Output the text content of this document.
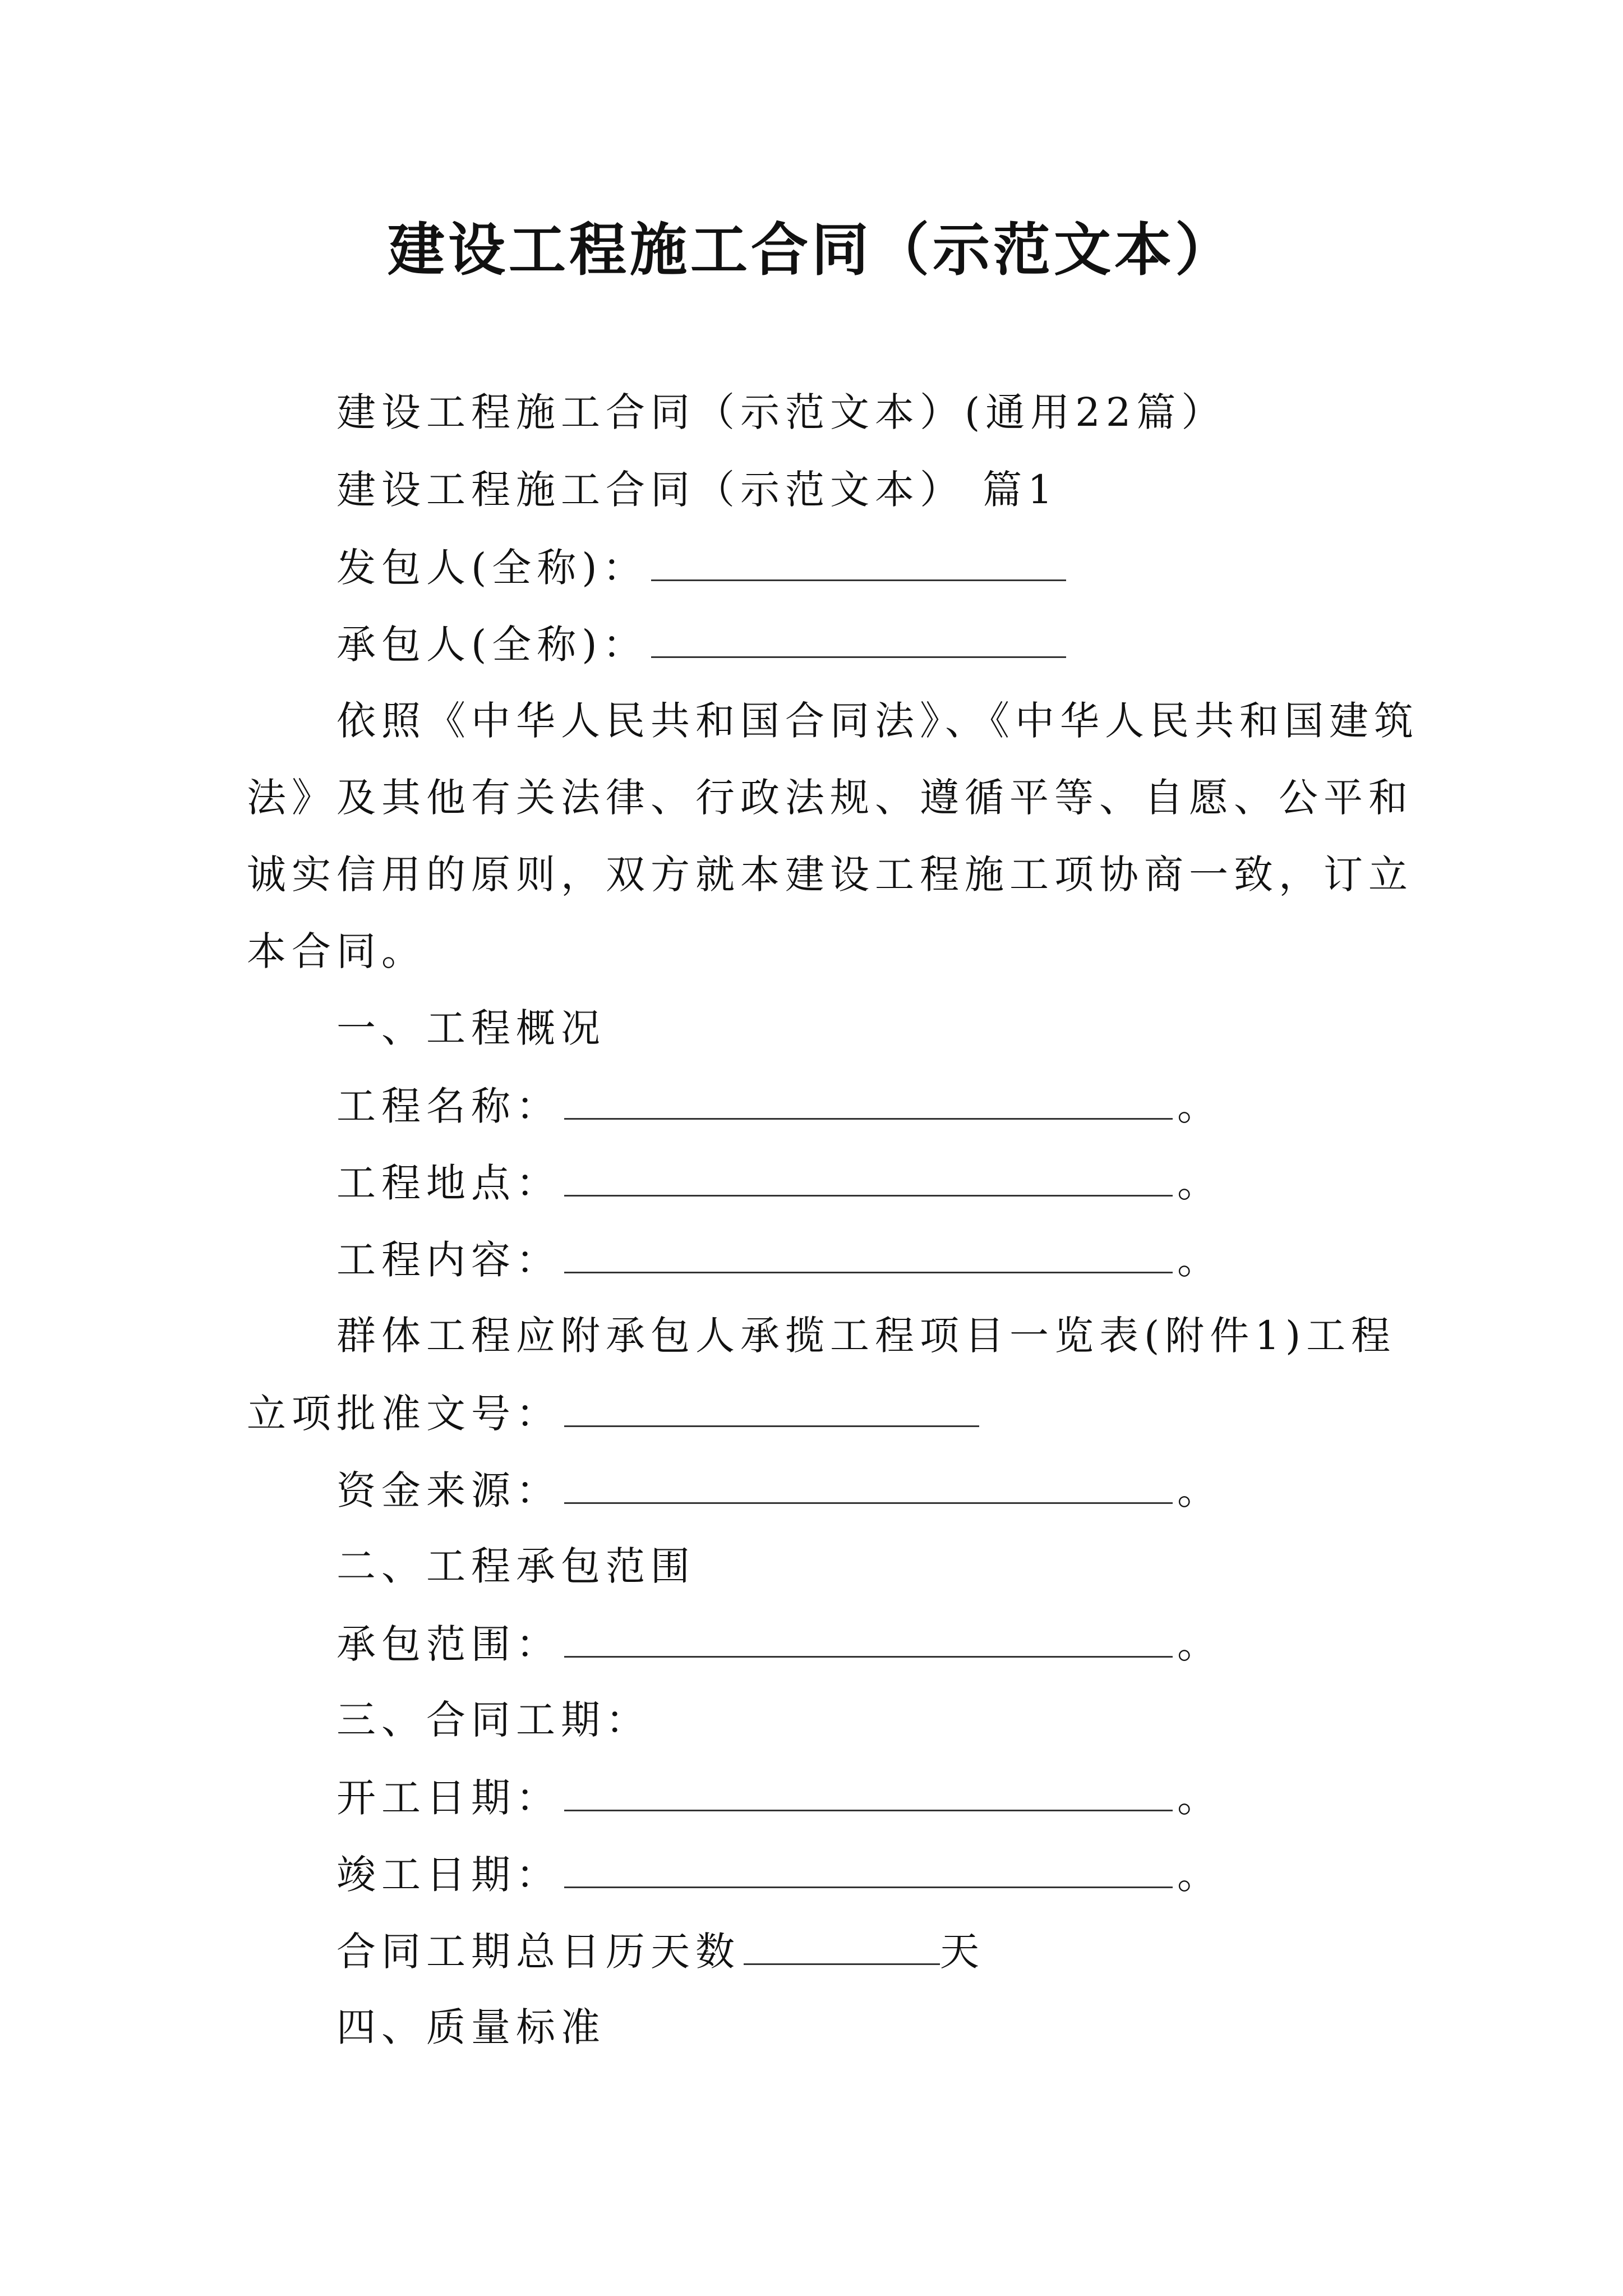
建设工程施工合同（示范文本）
建设工程施工合同（示范文本）(通用22篇）
建设工程施工合同（示范文本） 篇1
发包人(全称)：
承包人(全称)：
依照《中华人民共和国合同法》、《中华人民共和国建筑
法》及其他有关法律、行政法规、遵循平等、自愿、公平和
诚实信用的原则，双方就本建设工程施工项协商一致，订立
本合同。
一、工程概况
工程名称：	。
工程地点：	。
工程内容：	。
群体工程应附承包人承揽工程项目一览表(附件1)工程
立项批准文号：
资金来源：	。
二、工程承包范围
承包范围：	。
三、合同工期：
开工日期：	。
竣工日期：	。
合同工期总日历天数	天
四、质量标准
